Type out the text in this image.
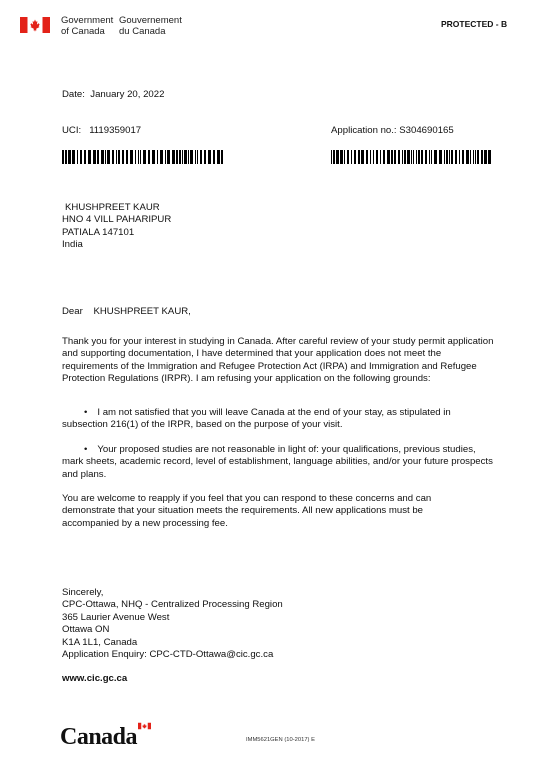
Government
of Canada
Gouvernement
du Canada
PROTECTED - B
Date: January 20, 2022
UCI: 1119359017	Application no.: S304690165
KHUSHPREET KAUR
HNO 4 VILL PAHARIPUR
PATIALA 147101
India
Dear KHUSHPREET KAUR,

Thank you for your interest in studying in Canada. After careful review of your study permit application and supporting documentation, I have determined that your application does not meet the requirements of the Immigration and Refugee Protection Act (IRPA) and Immigration and Refugee Protection Regulations (IRPR). I am refusing your application on the following grounds:

• I am not satisfied that you will leave Canada at the end of your stay, as stipulated in subsection 216(1) of the IRPR, based on the purpose of your visit.
• Your proposed studies are not reasonable in light of: your qualifications, previous studies, mark sheets, academic record, level of establishment, language abilities, and/or your future prospects and plans.

You are welcome to reapply if you feel that you can respond to these concerns and can demonstrate that your situation meets the requirements. All new applications must be accompanied by a new processing fee.

Sincerely,
CPC-Ottawa, NHQ - Centralized Processing Region
365 Laurier Avenue West
Ottawa ON
K1A 1L1, Canada
Application Enquiry: CPC-CTD-Ottawa@cic.gc.ca
www.cic.gc.ca
Canada	IMM5621GEN (10-2017) E
